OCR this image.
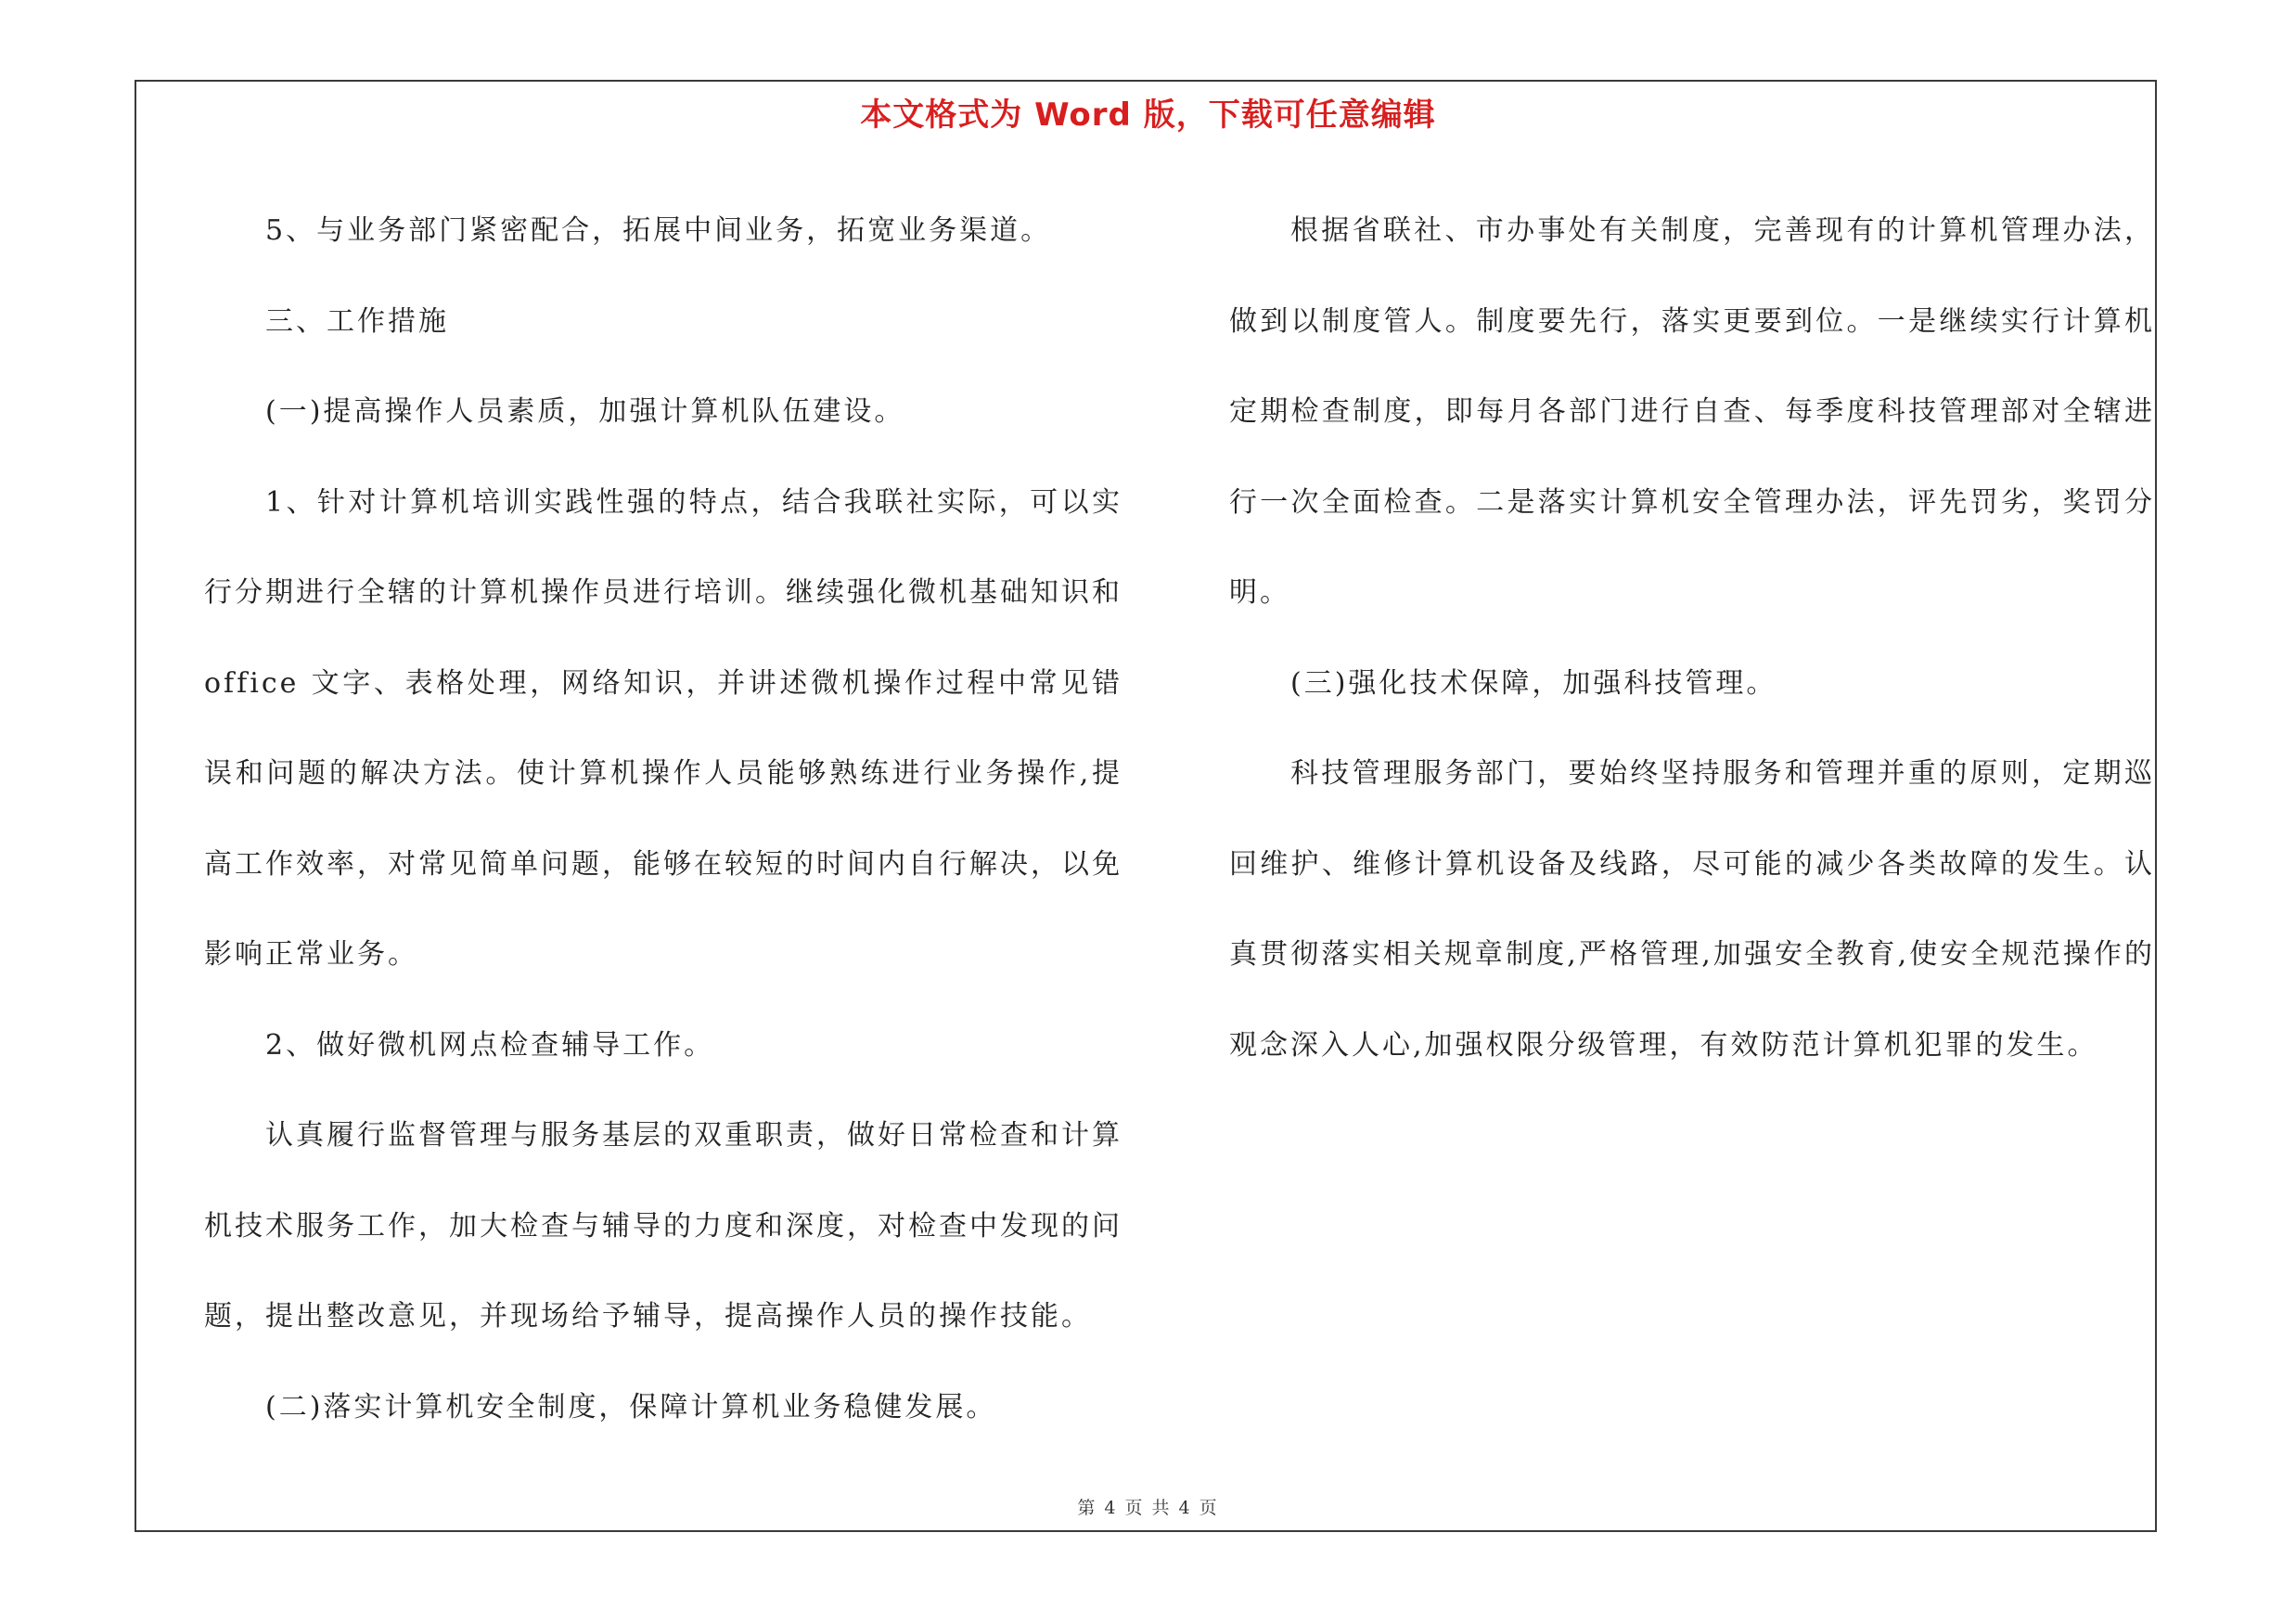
本文格式为 Word 版，下载可任意编辑

5、与业务部门紧密配合，拓展中间业务，拓宽业务渠道。

三、工作措施

(一)提高操作人员素质，加强计算机队伍建设。

1、针对计算机培训实践性强的特点，结合我联社实际，可以实行分期进行全辖的计算机操作员进行培训。继续强化微机基础知识和office 文字、表格处理，网络知识，并讲述微机操作过程中常见错误和问题的解决方法。使计算机操作人员能够熟练进行业务操作,提高工作效率，对常见简单问题，能够在较短的时间内自行解决，以免影响正常业务。

2、做好微机网点检查辅导工作。

认真履行监督管理与服务基层的双重职责，做好日常检查和计算机技术服务工作，加大检查与辅导的力度和深度，对检查中发现的问题，提出整改意见，并现场给予辅导，提高操作人员的操作技能。

(二)落实计算机安全制度，保障计算机业务稳健发展。

根据省联社、市办事处有关制度，完善现有的计算机管理办法，做到以制度管人。制度要先行，落实更要到位。一是继续实行计算机定期检查制度，即每月各部门进行自查、每季度科技管理部对全辖进行一次全面检查。二是落实计算机安全管理办法，评先罚劣，奖罚分明。

(三)强化技术保障，加强科技管理。

科技管理服务部门，要始终坚持服务和管理并重的原则，定期巡回维护、维修计算机设备及线路，尽可能的减少各类故障的发生。认真贯彻落实相关规章制度,严格管理,加强安全教育,使安全规范操作的观念深入人心,加强权限分级管理，有效防范计算机犯罪的发生。

第 4 页 共 4 页
